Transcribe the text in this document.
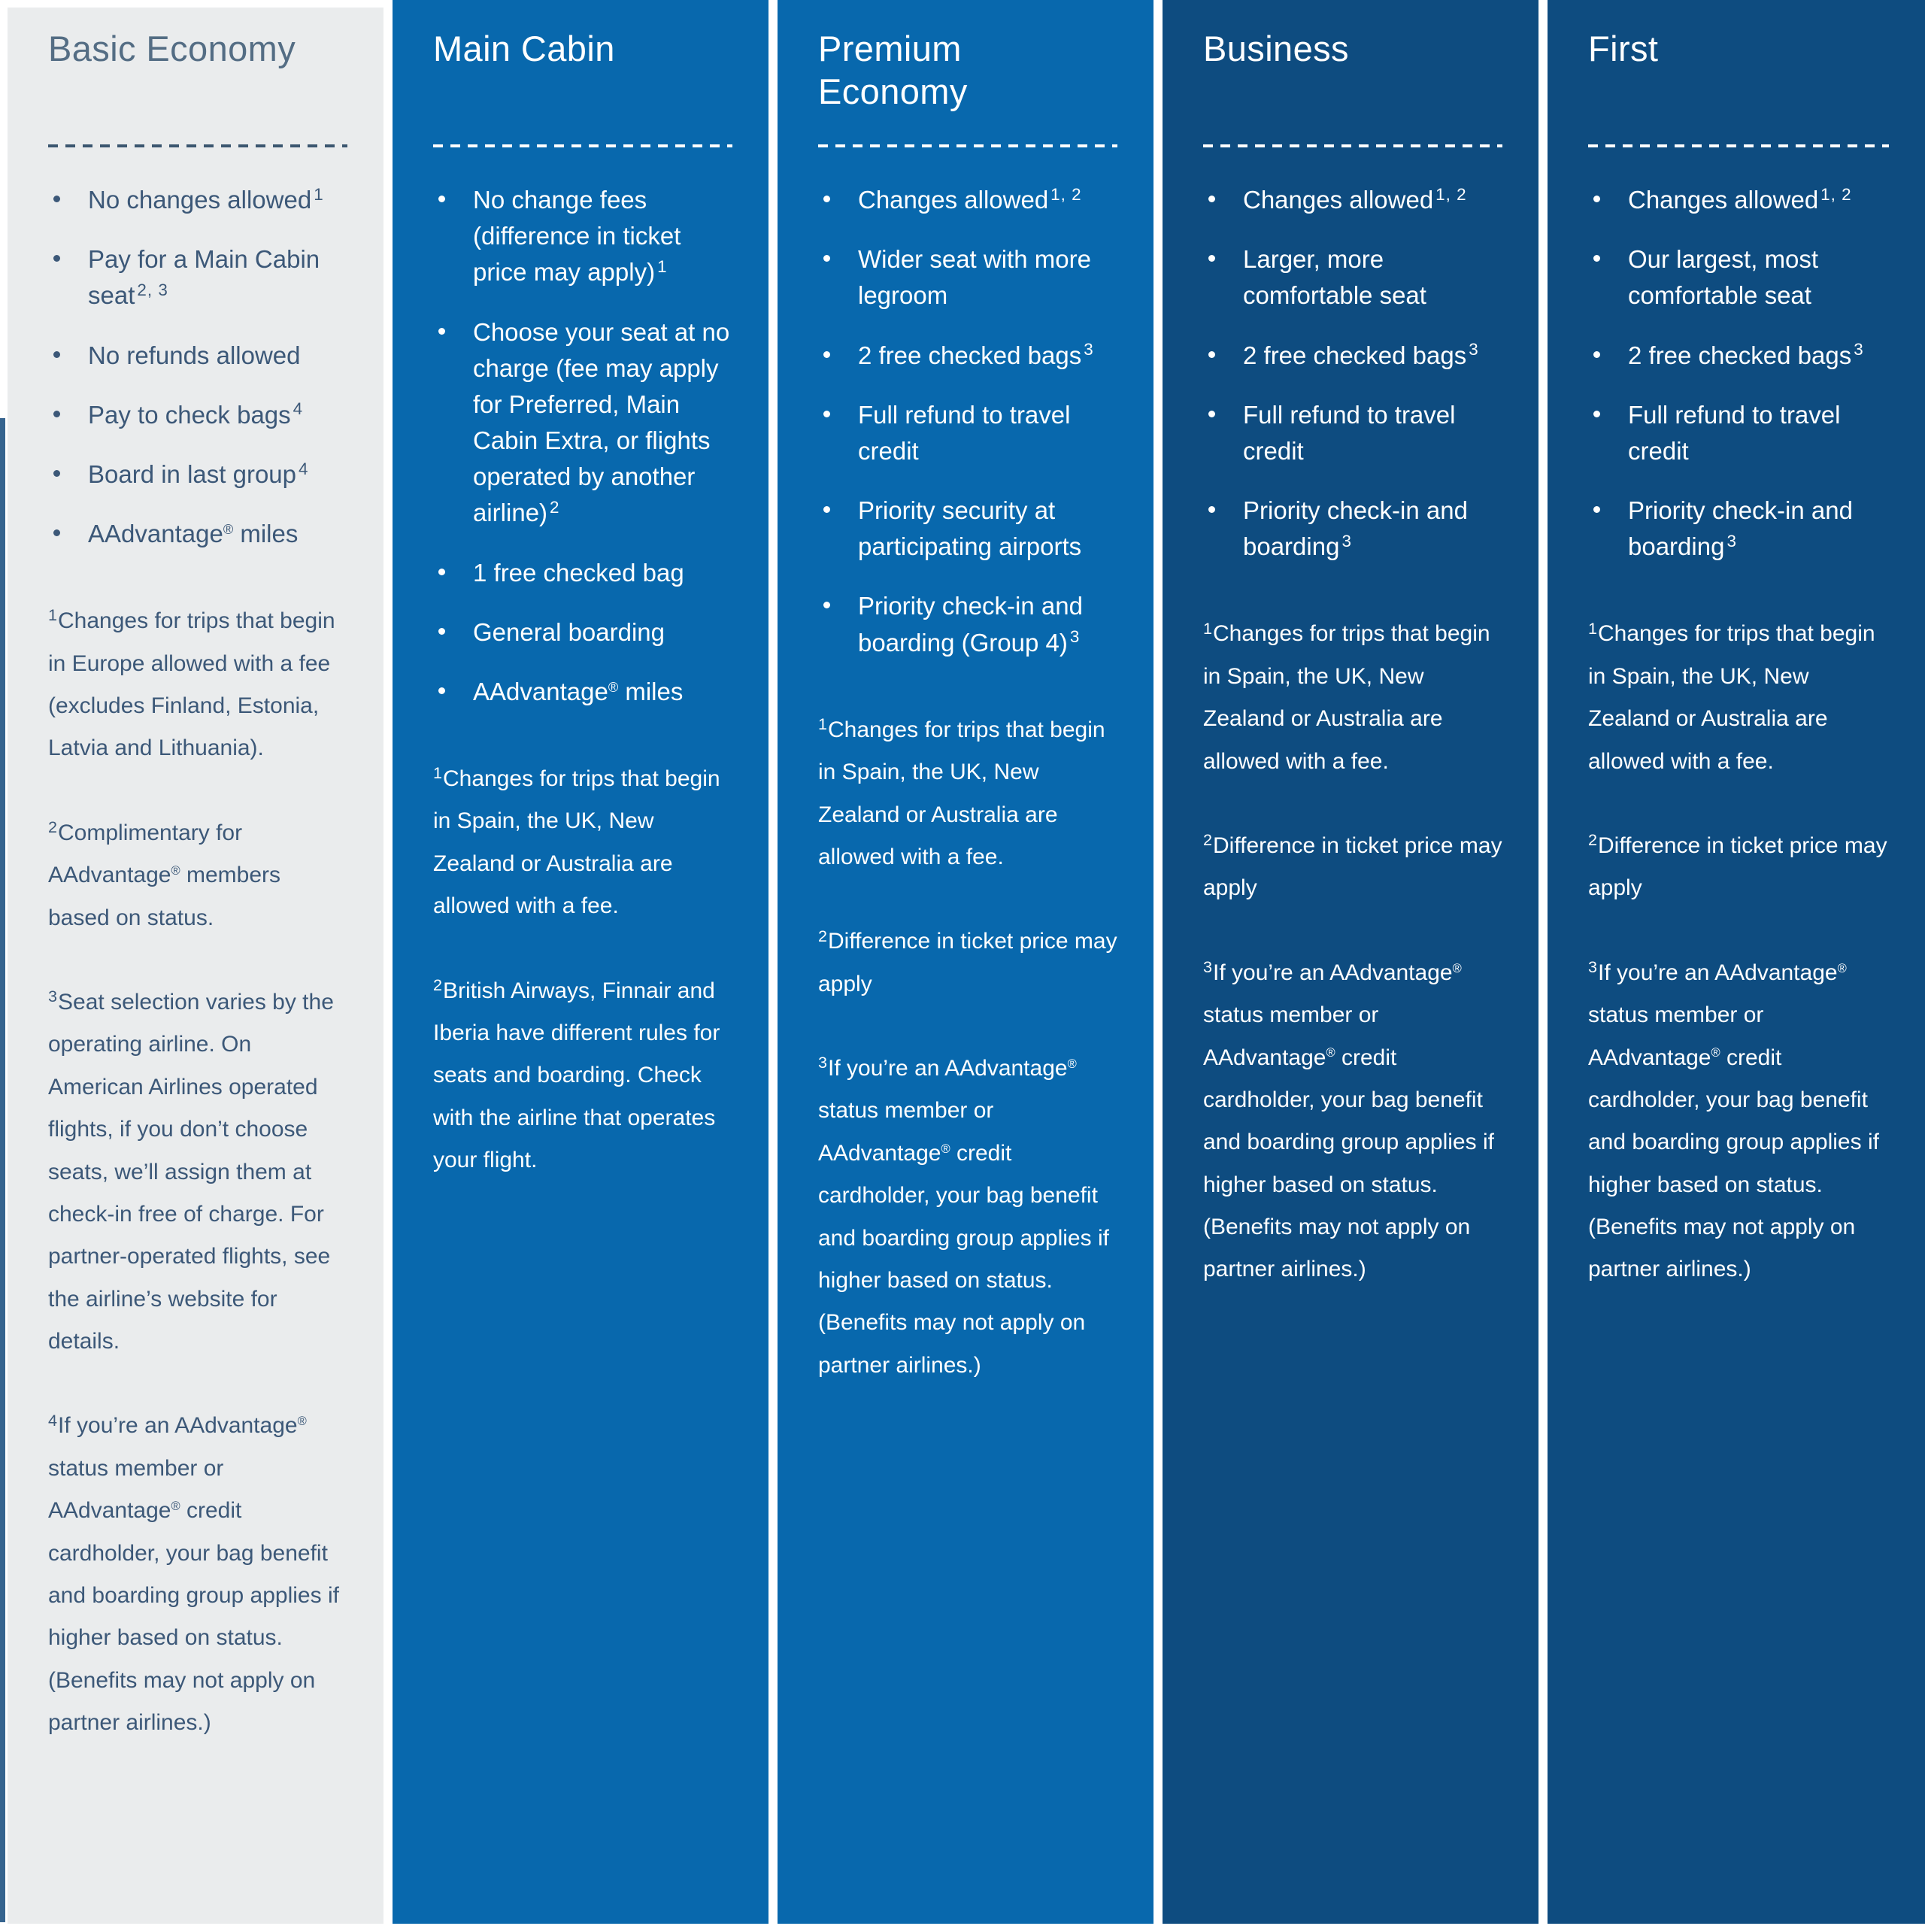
Basic Economy
No changes allowed $^1$
Pay for a Main Cabin seat $^{2, 3}$
No refunds allowed
Pay to check bags $^4$
Board in last group $^4$
AAdvantage® miles

$^1$Changes for trips that begin in Europe allowed with a fee (excludes Finland, Estonia, Latvia and Lithuania).

$^2$Complimentary for AAdvantage® members based on status.

$^3$Seat selection varies by the operating airline. On American Airlines operated flights, if you don’t choose seats, we’ll assign them at check-in free of charge. For partner-operated flights, see the airline’s website for details.

$^4$If you’re an AAdvantage® status member or AAdvantage® credit cardholder, your bag benefit and boarding group applies if higher based on status. (Benefits may not apply on partner airlines.)

Main Cabin
No change fees (difference in ticket price may apply) $^1$
Choose your seat at no charge (fee may apply for Preferred, Main Cabin Extra, or flights operated by another airline) $^2$
1 free checked bag
General boarding
AAdvantage® miles

$^1$Changes for trips that begin in Spain, the UK, New Zealand or Australia are allowed with a fee.

$^2$British Airways, Finnair and Iberia have different rules for seats and boarding. Check with the airline that operates your flight.

Premium Economy
Changes allowed $^{1, 2}$
Wider seat with more legroom
2 free checked bags $^3$
Full refund to travel credit
Priority security at participating airports
Priority check-in and boarding (Group 4) $^3$

$^1$Changes for trips that begin in Spain, the UK, New Zealand or Australia are allowed with a fee.

$^2$Difference in ticket price may apply

$^3$If you’re an AAdvantage® status member or AAdvantage® credit cardholder, your bag benefit and boarding group applies if higher based on status. (Benefits may not apply on partner airlines.)

Business
Changes allowed $^{1, 2}$
Larger, more comfortable seat
2 free checked bags $^3$
Full refund to travel credit
Priority check-in and boarding $^3$

$^1$Changes for trips that begin in Spain, the UK, New Zealand or Australia are allowed with a fee.

$^2$Difference in ticket price may apply

$^3$If you’re an AAdvantage® status member or AAdvantage® credit cardholder, your bag benefit and boarding group applies if higher based on status. (Benefits may not apply on partner airlines.)

First
Changes allowed $^{1, 2}$
Our largest, most comfortable seat
2 free checked bags $^3$
Full refund to travel credit
Priority check-in and boarding $^3$

$^1$Changes for trips that begin in Spain, the UK, New Zealand or Australia are allowed with a fee.

$^2$Difference in ticket price may apply

$^3$If you’re an AAdvantage® status member or AAdvantage® credit cardholder, your bag benefit and boarding group applies if higher based on status. (Benefits may not apply on partner airlines.)
